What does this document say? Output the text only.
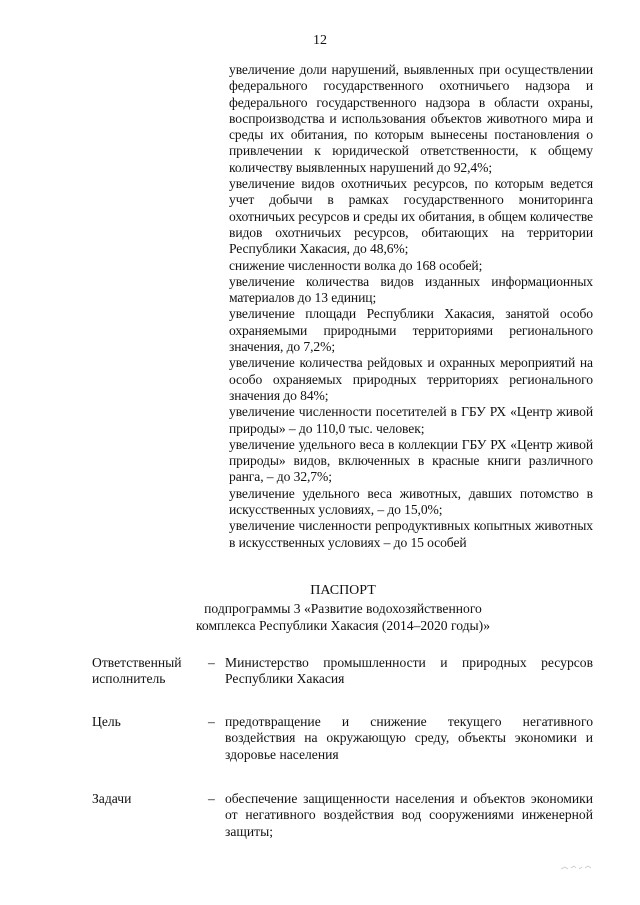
12

увеличение доли нарушений, выявленных при осуществлении федерального государственного охотничьего надзора и федерального государственного надзора в области охраны, воспроизводства и использования объектов животного мира и среды их обитания, по которым вынесены постановления о привлечении к юридической ответственности, к общему количеству выявленных нарушений до 92,4%;

увеличение видов охотничьих ресурсов, по которым ведется учет добычи в рамках государственного мониторинга охотничьих ресурсов и среды их обитания, в общем количестве видов охотничьих ресурсов, обитающих на территории Республики Хакасия, до 48,6%;

снижение численности волка до 168 особей;

увеличение количества видов изданных информационных материалов до 13 единиц;

увеличение площади Республики Хакасия, занятой особо охраняемыми природными территориями регионального значения, до 7,2%;

увеличение количества рейдовых и охранных мероприятий на особо охраняемых природных территориях регионального значения до 84%;

увеличение численности посетителей в ГБУ РХ «Центр живой природы» – до 110,0 тыс. человек;

увеличение удельного веса в коллекции ГБУ РХ «Центр живой природы» видов, включенных в красные книги различного ранга, – до 32,7%;

увеличение удельного веса животных, давших потомство в искусственных условиях, – до 15,0%;

увеличение численности репродуктивных копытных животных в искусственных условиях – до 15 особей

ПАСПОРТ
подпрограммы 3 «Развитие водохозяйственного
комплекса Республики Хакасия (2014–2020 годы)»
Ответственный исполнитель
– Министерство промышленности и природных ресурсов Республики Хакасия
Цель	– предотвращение и снижение текущего негативного воздействия на окружающую среду, объекты экономики и здоровье населения
Задачи	– обеспечение защищенности населения и объектов экономики от негативного воздействия вод сооружениями инженерной защиты;
